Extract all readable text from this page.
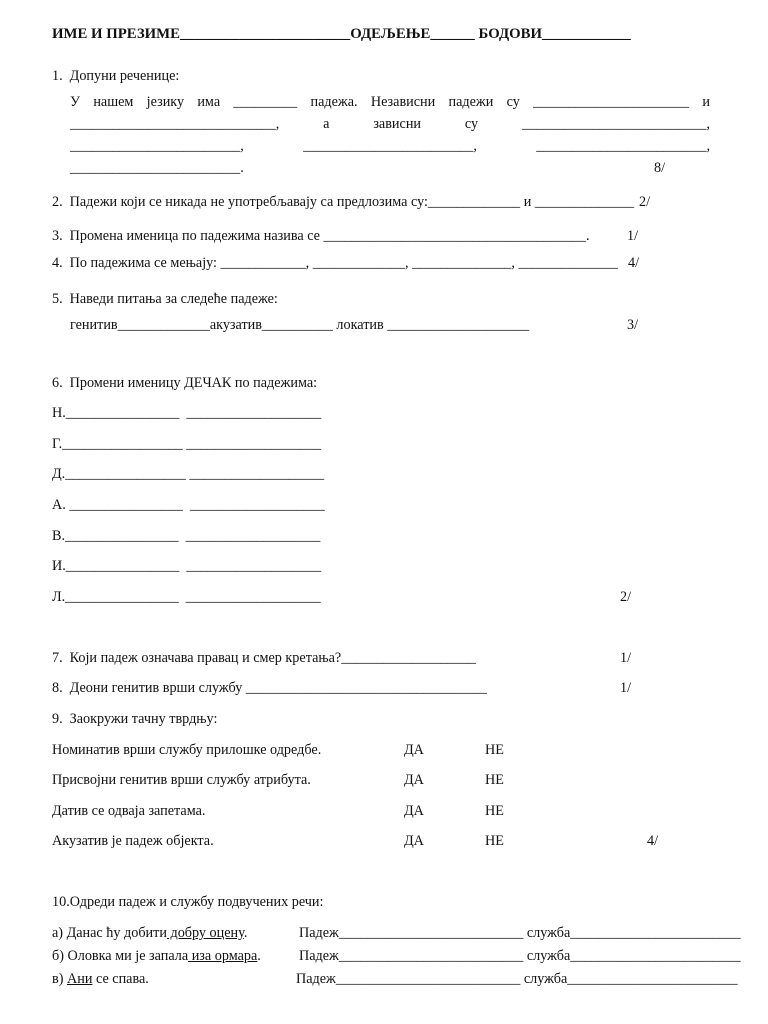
ИМЕ И ПРЕЗИМЕ_______________________ОДЕЉЕЊЕ______ БОДОВИ____________
1. Допуни реченице:
У нашем језику има _________ падежа. Независни падежи су ______________________ и
_____________________________,	а	зависни	су	__________________________,
________________________,	________________________,	________________________,
________________________.	8/
2. Падежи који се никада не употребљавају са предлозима су:_____________ и ______________ 2/
3. Промена именица по падежима назива се _____________________________________.	1/
4. По падежима се мењају: ____________, _____________, ______________, ______________ 4/
5. Наведи питања за следеће падеже:
генитив_____________акузатив__________ локатив ____________________	3/
6. Промени именицу ДЕЧАК по падежима:
Н.________________  ___________________
Г._________________ ___________________
Д._________________ ___________________
А. ________________  ___________________
В.________________  ___________________
И.________________  ___________________
Л.________________  ___________________	2/
7. Који падеж означава правац и смер кретања?___________________	1/
8. Деони генитив врши службу __________________________________	1/
9. Заокружи тачну тврдњу:
Номинатив врши службу прилошке одредбе.	ДА	НЕ
Присвојни генитив врши службу атрибута.	ДА	НЕ
Датив се одваја запетама.	ДА	НЕ
Акузатив је падеж објекта.	ДА	НЕ	4/
10.Одреди падеж и службу подвучених речи:
а) Данас ћу добити добру оцену.	Падеж__________________________ служба________________________
б) Оловка ми је запала иза ормара.	Падеж__________________________ служба________________________
в) Ани се спава.	Падеж__________________________ служба________________________
